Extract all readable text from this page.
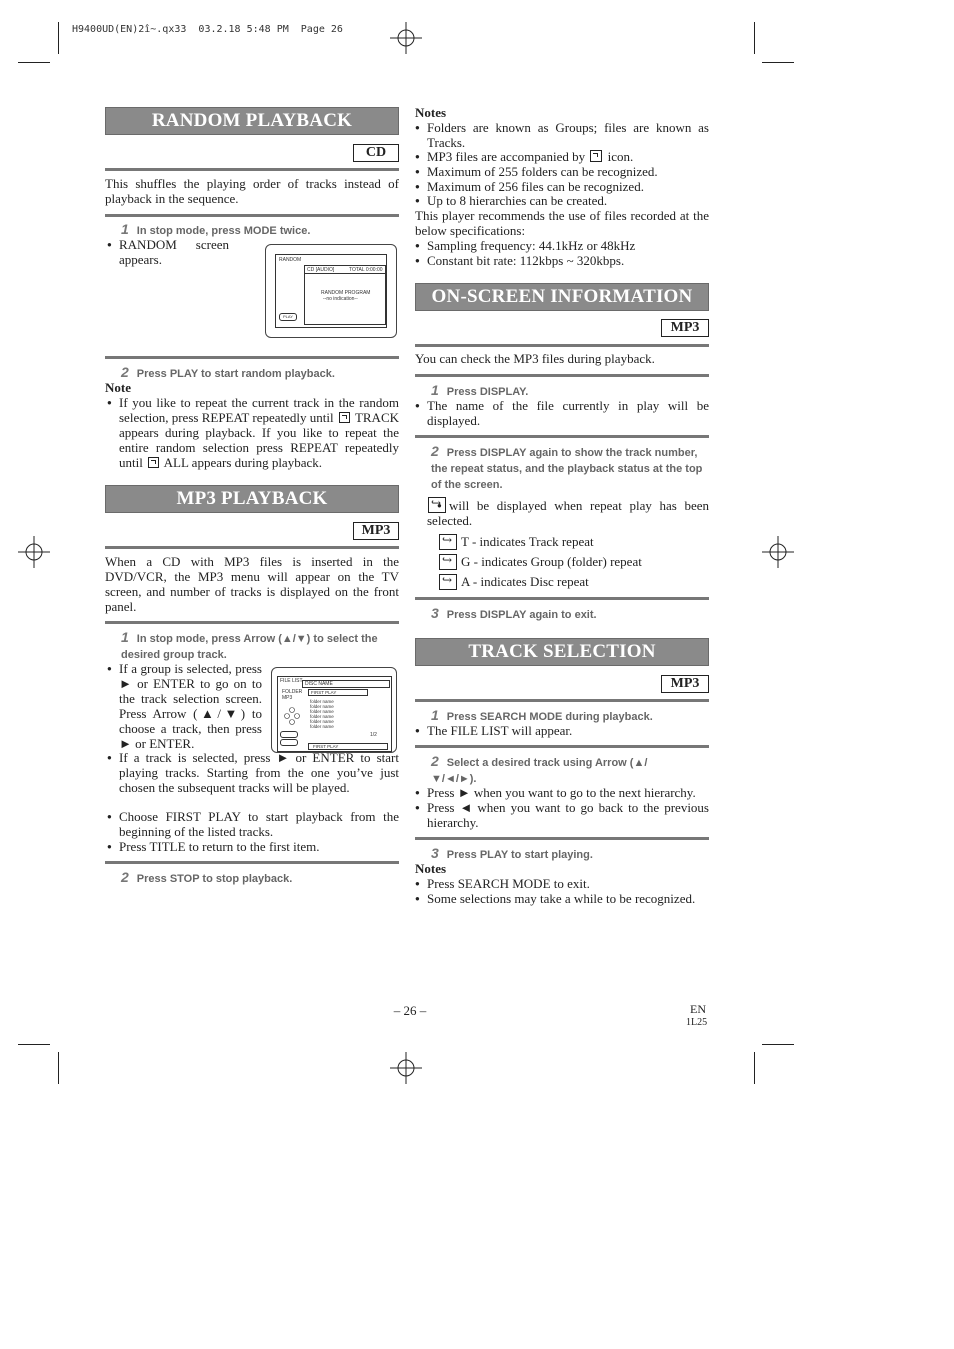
H9400UD(EN)2î~.qx33  03.2.18 5:48 PM  Page 26
RANDOM PLAYBACK
CD
This shuffles the playing order of tracks instead of playback in the sequence.
1 In stop mode, press MODE twice.
● RANDOM screen appears.	RANDOM
CD [AUDIO]	TOTAL 0:00:00
RANDOM PROGRAM
--no indication--
PLAY
2 Press PLAY to start random playback.
Note
● If you like to repeat the current track in the random selection, press REPEAT repeatedly until TRACK appears during playback. If you like to repeat the entire random selection press REPEAT repeatedly until ALL appears during playback.
MP3 PLAYBACK
MP3
When a CD with MP3 files is inserted in the DVD/VCR, the MP3 menu will appear on the TV screen, and number of tracks is displayed on the front panel.
1 In stop mode, press Arrow (▲/▼) to select the desired group track.
● If a group is selected, press ► or ENTER to go on to the track selection screen. Press Arrow (▲/▼) to choose a track, then press ► or ENTER.
FILE LIST
FOLDER
MP3
DISC NAME
FIRST PLAY
folder name
folder name
folder name
folder name
folder name
folder name
1/2
FIRST PLAY
● If a track is selected, press ► or ENTER to start playing tracks. Starting from the one you’ve just chosen the subsequent tracks will be played.
● Choose FIRST PLAY to start playback from the beginning of the listed tracks.
● Press TITLE to return to the first item.
2 Press STOP to stop playback.
Notes
● Folders are known as Groups; files are known as Tracks.
● MP3 files are accompanied by icon.
● Maximum of 255 folders can be recognized.
● Maximum of 256 files can be recognized.
● Up to 8 hierarchies can be created.
This player recommends the use of files recorded at the below specifications:
● Sampling frequency: 44.1kHz or 48kHz
● Constant bit rate: 112kbps ~ 320kbps.
ON-SCREEN INFORMATION
MP3
You can check the MP3 files during playback.
1 Press DISPLAY.
● The name of the file currently in play will be displayed.
2 Press DISPLAY again to show the track number, the repeat status, and the playback status at the top of the screen.
● will be displayed when repeat play has been selected.
↪
↪
T - indicates Track repeat
↪
G - indicates Group (folder) repeat
↪
A - indicates Disc repeat
3 Press DISPLAY again to exit.
TRACK SELECTION
MP3
1 Press SEARCH MODE during playback.
● The FILE LIST will appear.
2 Select a desired track using Arrow (▲/▼/◄/►).
● Press ► when you want to go to the next hierarchy.
● Press ◄ when you want to go back to the previous hierarchy.
3 Press PLAY to start playing.
Notes
● Press SEARCH MODE to exit.
● Some selections may take a while to be recognized.
– 26 –	EN
1L25
